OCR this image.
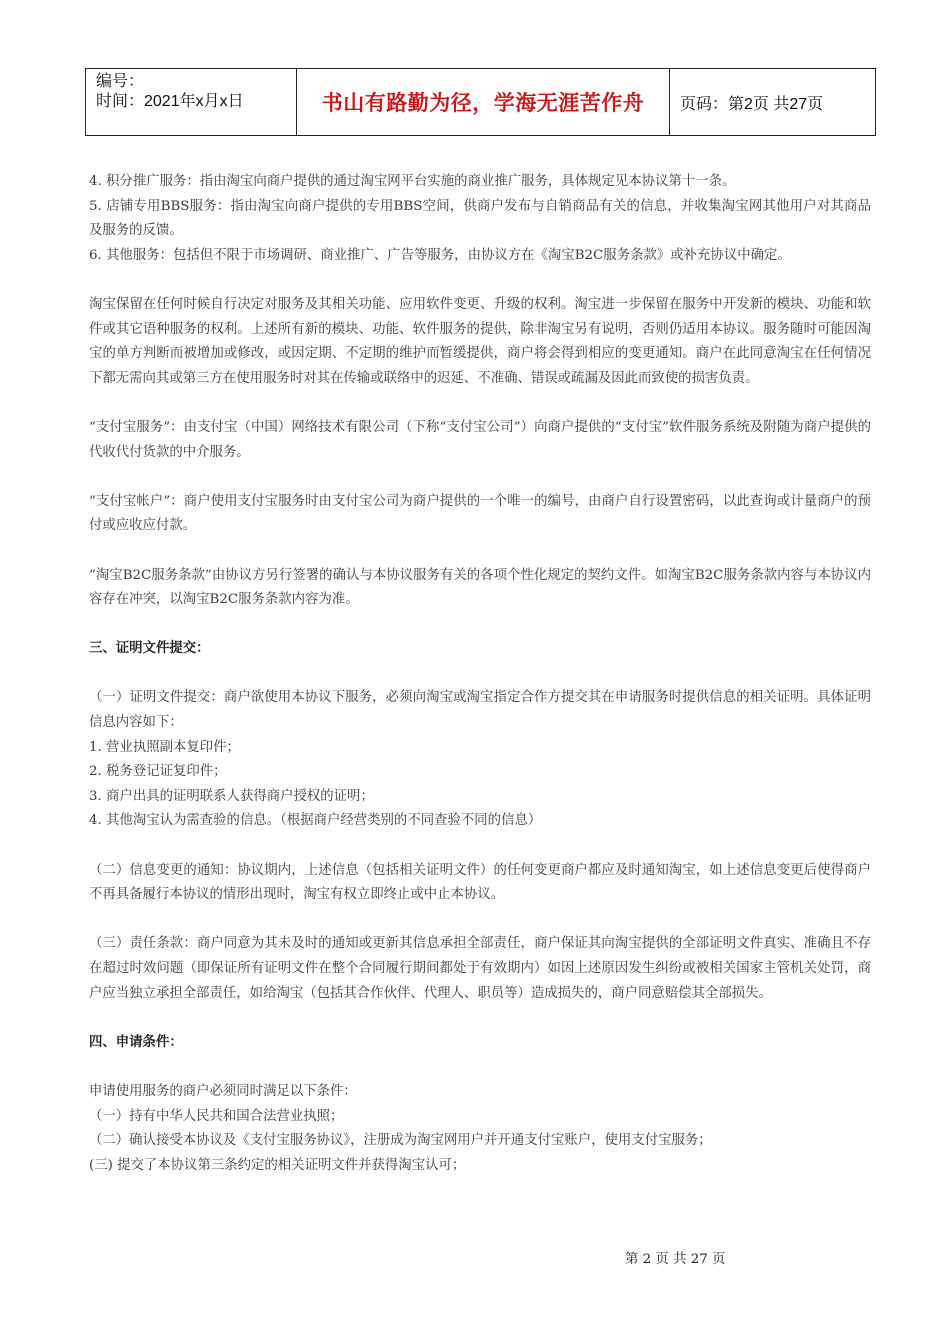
编号：
时间：2021年x月x日	书山有路勤为径，学海无涯苦作舟	页码：第2页 共27页

4. 积分推广服务：指由淘宝向商户提供的通过淘宝网平台实施的商业推广服务，具体规定见本协议第十一条。

5. 店铺专用BBS服务：指由淘宝向商户提供的专用BBS空间，供商户发布与自销商品有关的信息，并收集淘宝网其他用户对其商品及服务的反馈。

6. 其他服务：包括但不限于市场调研、商业推广、广告等服务，由协议方在《淘宝B2C服务条款》或补充协议中确定。

淘宝保留在任何时候自行决定对服务及其相关功能、应用软件变更、升级的权利。淘宝进一步保留在服务中开发新的模块、功能和软件或其它语种服务的权利。上述所有新的模块、功能、软件服务的提供，除非淘宝另有说明，否则仍适用本协议。服务随时可能因淘宝的单方判断而被增加或修改，或因定期、不定期的维护而暂缓提供，商户将会得到相应的变更通知。商户在此同意淘宝在任何情况下都无需向其或第三方在使用服务时对其在传输或联络中的迟延、不准确、错误或疏漏及因此而致使的损害负责。

“支付宝服务”：由支付宝（中国）网络技术有限公司（下称“支付宝公司”）向商户提供的“支付宝”软件服务系统及附随为商户提供的代收代付货款的中介服务。

“支付宝帐户”：商户使用支付宝服务时由支付宝公司为商户提供的一个唯一的编号，由商户自行设置密码，以此查询或计量商户的预付或应收应付款。

“淘宝B2C服务条款”由协议方另行签署的确认与本协议服务有关的各项个性化规定的契约文件。如淘宝B2C服务条款内容与本协议内容存在冲突，以淘宝B2C服务条款内容为准。

三、证明文件提交：

（一）证明文件提交：商户欲使用本协议下服务，必须向淘宝或淘宝指定合作方提交其在申请服务时提供信息的相关证明。具体证明信息内容如下：

1. 营业执照副本复印件；

2. 税务登记证复印件；

3. 商户出具的证明联系人获得商户授权的证明；

4. 其他淘宝认为需查验的信息。（根据商户经营类别的不同查验不同的信息）

（二）信息变更的通知：协议期内，上述信息（包括相关证明文件）的任何变更商户都应及时通知淘宝，如上述信息变更后使得商户不再具备履行本协议的情形出现时，淘宝有权立即终止或中止本协议。

（三）责任条款：商户同意为其未及时的通知或更新其信息承担全部责任，商户保证其向淘宝提供的全部证明文件真实、准确且不存在超过时效问题（即保证所有证明文件在整个合同履行期间都处于有效期内）如因上述原因发生纠纷或被相关国家主管机关处罚，商户应当独立承担全部责任，如给淘宝（包括其合作伙伴、代理人、职员等）造成损失的，商户同意赔偿其全部损失。

四、申请条件：

申请使用服务的商户必须同时满足以下条件：

（一）持有中华人民共和国合法营业执照；

（二）确认接受本协议及《支付宝服务协议》，注册成为淘宝网用户并开通支付宝账户，使用支付宝服务；

(三) 提交了本协议第三条约定的相关证明文件并获得淘宝认可；

第 2 页 共 27 页
